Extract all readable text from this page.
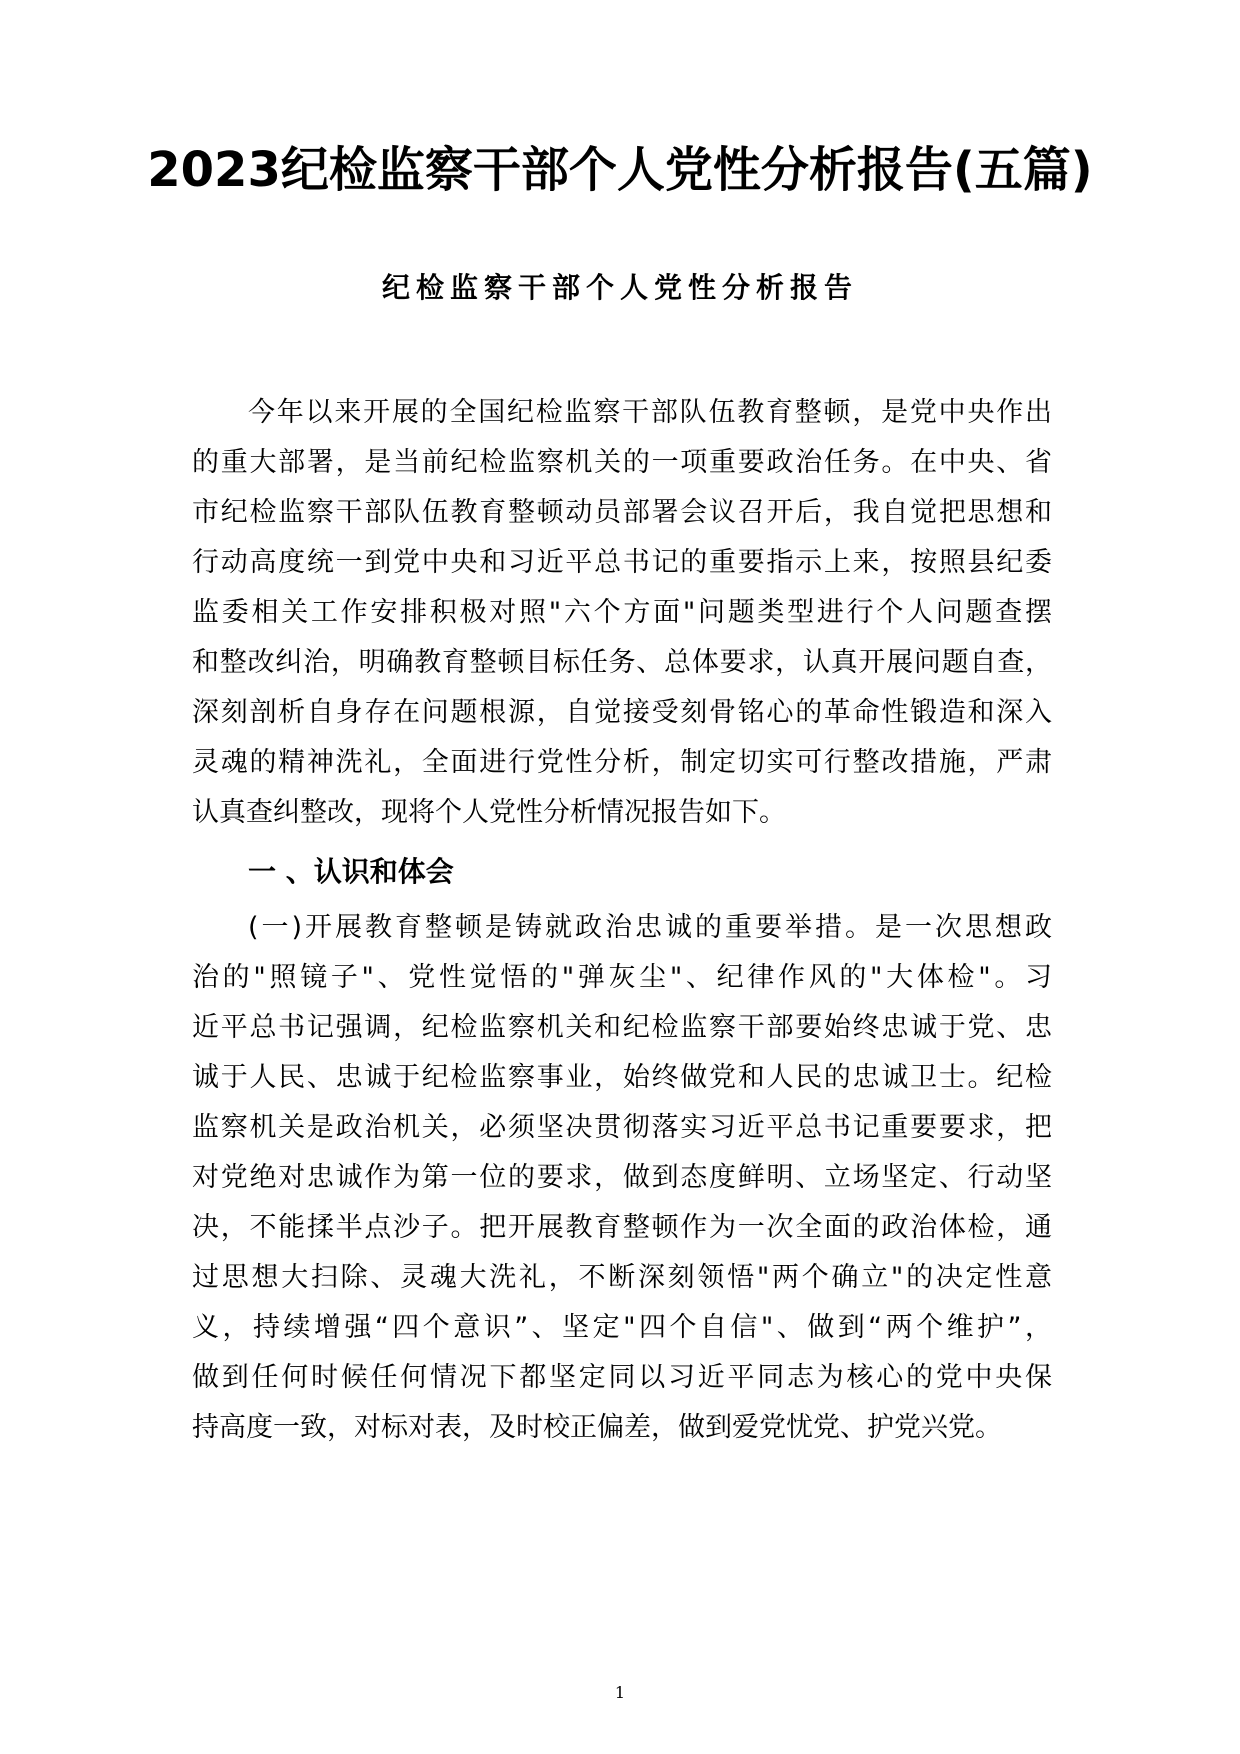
2023纪检监察干部个人党性分析报告(五篇)
纪检监察干部个人党性分析报告
今年以来开展的全国纪检监察干部队伍教育整顿，是党中央作出
的重大部署，是当前纪检监察机关的一项重要政治任务。在中央、省
市纪检监察干部队伍教育整顿动员部署会议召开后，我自觉把思想和
行动高度统一到党中央和习近平总书记的重要指示上来，按照县纪委
监委相关工作安排积极对照"六个方面"问题类型进行个人问题查摆
和整改纠治，明确教育整顿目标任务、总体要求，认真开展问题自查，
深刻剖析自身存在问题根源，自觉接受刻骨铭心的革命性锻造和深入
灵魂的精神洗礼，全面进行党性分析，制定切实可行整改措施，严肃
认真查纠整改，现将个人党性分析情况报告如下。
一 、认识和体会
(一)开展教育整顿是铸就政治忠诚的重要举措。是一次思想政
治的"照镜子"、党性觉悟的"弹灰尘"、纪律作风的"大体检"。习
近平总书记强调，纪检监察机关和纪检监察干部要始终忠诚于党、忠
诚于人民、忠诚于纪检监察事业，始终做党和人民的忠诚卫士。纪检
监察机关是政治机关，必须坚决贯彻落实习近平总书记重要要求，把
对党绝对忠诚作为第一位的要求，做到态度鲜明、立场坚定、行动坚
决，不能揉半点沙子。把开展教育整顿作为一次全面的政治体检，通
过思想大扫除、灵魂大洗礼，不断深刻领悟"两个确立"的决定性意
义，持续增强“四个意识”、坚定"四个自信"、做到“两个维护”，
做到任何时候任何情况下都坚定同以习近平同志为核心的党中央保
持高度一致，对标对表，及时校正偏差，做到爱党忧党、护党兴党。
1
